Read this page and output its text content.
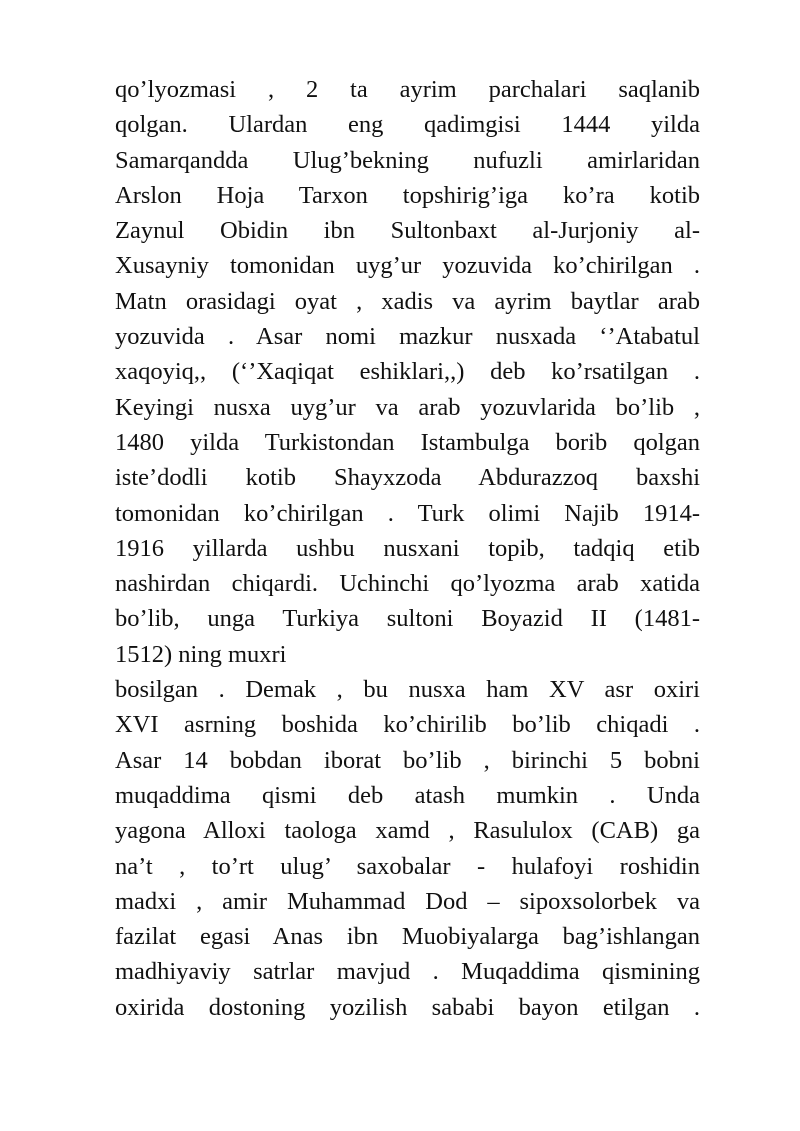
qo’lyozmasi , 2 ta ayrim parchalari saqlanib
qolgan. Ulardan eng qadimgisi 1444 yilda
Samarqandda Ulug’bekning nufuzli amirlaridan
Arslon Hoja Tarxon topshirig’iga ko’ra kotib
Zaynul Obidin ibn Sultonbaxt al-Jurjoniy al-
Xusayniy tomonidan uyg’ur yozuvida ko’chirilgan .
Matn orasidagi oyat , xadis va ayrim baytlar arab
yozuvida . Asar nomi mazkur nusxada ‘’Atabatul
xaqoyiq,, (‘’Xaqiqat eshiklari,,) deb ko’rsatilgan .
Keyingi nusxa uyg’ur va arab yozuvlarida bo’lib ,
1480 yilda Turkistondan Istambulga borib qolgan
iste’dodli kotib Shayxzoda Abdurazzoq baxshi
tomonidan ko’chirilgan . Turk olimi Najib 1914-
1916 yillarda ushbu nusxani topib, tadqiq etib
nashirdan chiqardi. Uchinchi qo’lyozma arab xatida
bo’lib, unga Turkiya sultoni Boyazid II (1481-
1512) ning muxri
bosilgan . Demak , bu nusxa ham XV asr oxiri
XVI asrning boshida ko’chirilib bo’lib chiqadi .
Asar 14 bobdan iborat bo’lib , birinchi 5 bobni
muqaddima qismi deb atash mumkin . Unda
yagona Alloxi taologa xamd , Rasululox (CAB) ga
na’t , to’rt ulug’ saxobalar - hulafoyi roshidin
madxi , amir Muhammad Dod – sipoxsolorbek va
fazilat egasi Anas ibn Muobiyalarga bag’ishlangan
madhiyaviy satrlar mavjud . Muqaddima qismining
oxirida dostoning yozilish sababi bayon etilgan .
